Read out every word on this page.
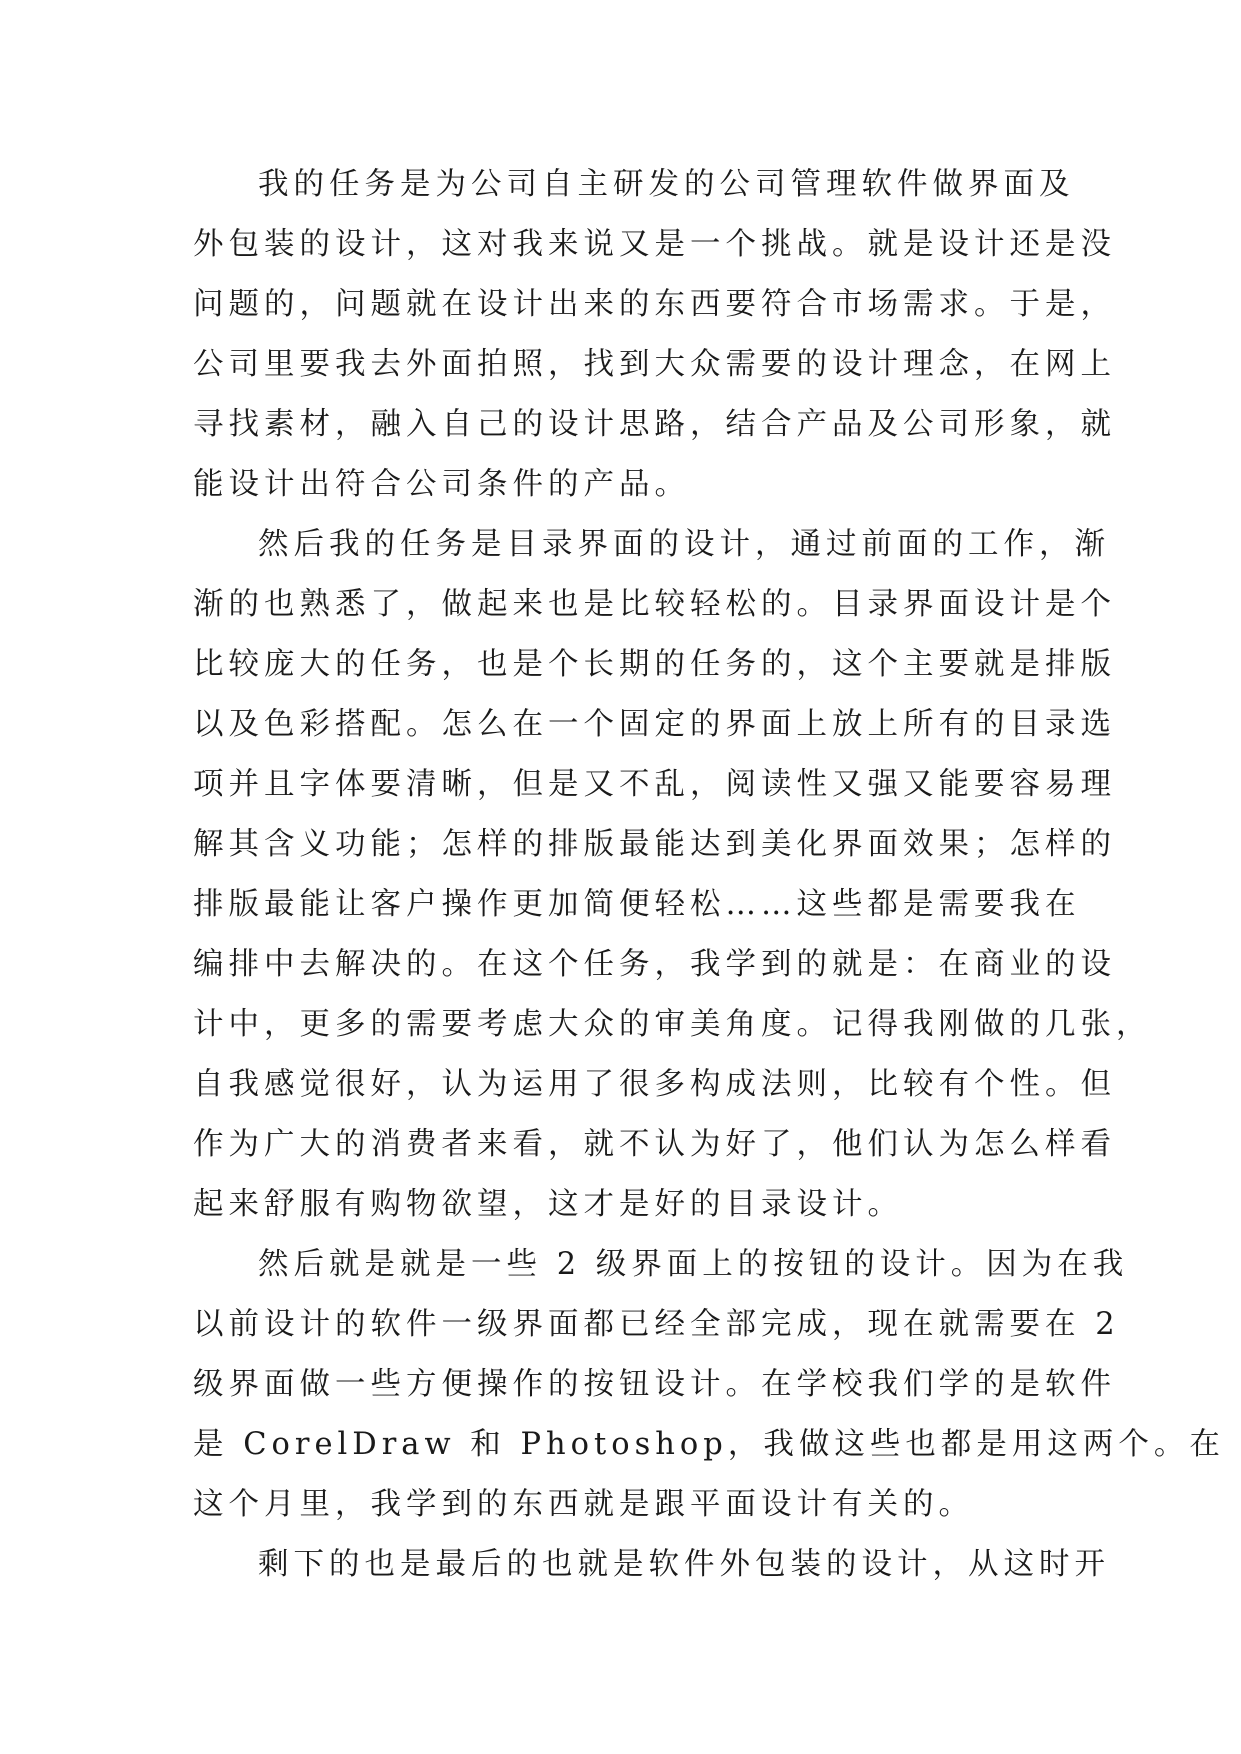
我的任务是为公司自主研发的公司管理软件做界面及
外包装的设计，这对我来说又是一个挑战。就是设计还是没
问题的，问题就在设计出来的东西要符合市场需求。于是，
公司里要我去外面拍照，找到大众需要的设计理念，在网上
寻找素材，融入自己的设计思路，结合产品及公司形象，就
能设计出符合公司条件的产品。
然后我的任务是目录界面的设计，通过前面的工作，渐
渐的也熟悉了，做起来也是比较轻松的。目录界面设计是个
比较庞大的任务，也是个长期的任务的，这个主要就是排版
以及色彩搭配。怎么在一个固定的界面上放上所有的目录选
项并且字体要清晰，但是又不乱，阅读性又强又能要容易理
解其含义功能；怎样的排版最能达到美化界面效果；怎样的
排版最能让客户操作更加简便轻松……这些都是需要我在
编排中去解决的。在这个任务，我学到的就是：在商业的设
计中，更多的需要考虑大众的审美角度。记得我刚做的几张，
自我感觉很好，认为运用了很多构成法则，比较有个性。但
作为广大的消费者来看，就不认为好了，他们认为怎么样看
起来舒服有购物欲望，这才是好的目录设计。
然后就是就是一些 2 级界面上的按钮的设计。因为在我
以前设计的软件一级界面都已经全部完成，现在就需要在 2
级界面做一些方便操作的按钮设计。在学校我们学的是软件
是 CorelDraw 和 Photoshop，我做这些也都是用这两个。在
这个月里，我学到的东西就是跟平面设计有关的。
剩下的也是最后的也就是软件外包装的设计，从这时开
